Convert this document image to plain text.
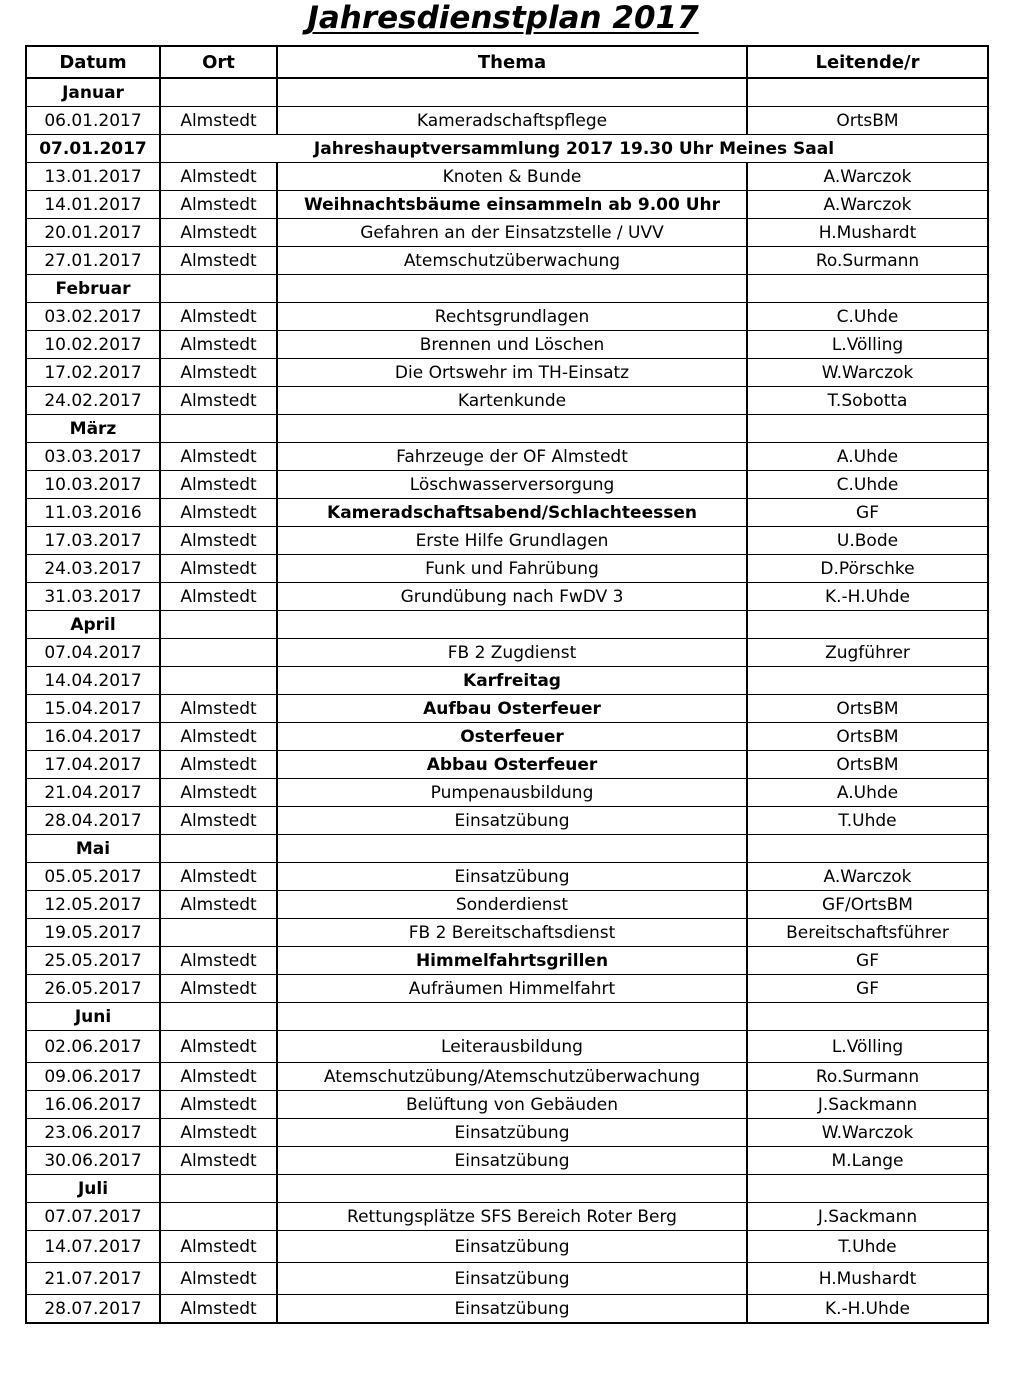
Jahresdienstplan 2017
Datum	Ort	Thema	Leitende/r
Januar			
06.01.2017	Almstedt	Kameradschaftspflege	OrtsBM
07.01.2017	Jahreshauptversammlung 2017 19.30 Uhr Meines Saal		
13.01.2017	Almstedt	Knoten & Bunde	A.Warczok
14.01.2017	Almstedt	Weihnachtsbäume einsammeln ab 9.00 Uhr	A.Warczok
20.01.2017	Almstedt	Gefahren an der Einsatzstelle / UVV	H.Mushardt
27.01.2017	Almstedt	Atemschutzüberwachung	Ro.Surmann
Februar			
03.02.2017	Almstedt	Rechtsgrundlagen	C.Uhde
10.02.2017	Almstedt	Brennen und Löschen	L.Völling
17.02.2017	Almstedt	Die Ortswehr im TH-Einsatz	W.Warczok
24.02.2017	Almstedt	Kartenkunde	T.Sobotta
März			
03.03.2017	Almstedt	Fahrzeuge der OF Almstedt	A.Uhde
10.03.2017	Almstedt	Löschwasserversorgung	C.Uhde
11.03.2016	Almstedt	Kameradschaftsabend/Schlachteessen	GF
17.03.2017	Almstedt	Erste Hilfe Grundlagen	U.Bode
24.03.2017	Almstedt	Funk und Fahrübung	D.Pörschke
31.03.2017	Almstedt	Grundübung nach FwDV 3	K.-H.Uhde
April			
07.04.2017		FB 2 Zugdienst	Zugführer
14.04.2017		Karfreitag	
15.04.2017	Almstedt	Aufbau Osterfeuer	OrtsBM
16.04.2017	Almstedt	Osterfeuer	OrtsBM
17.04.2017	Almstedt	Abbau Osterfeuer	OrtsBM
21.04.2017	Almstedt	Pumpenausbildung	A.Uhde
28.04.2017	Almstedt	Einsatzübung	T.Uhde
Mai			
05.05.2017	Almstedt	Einsatzübung	A.Warczok
12.05.2017	Almstedt	Sonderdienst	GF/OrtsBM
19.05.2017		FB 2 Bereitschaftsdienst	Bereitschaftsführer
25.05.2017	Almstedt	Himmelfahrtsgrillen	GF
26.05.2017	Almstedt	Aufräumen Himmelfahrt	GF
Juni			
02.06.2017	Almstedt	Leiterausbildung	L.Völling
09.06.2017	Almstedt	Atemschutzübung/Atemschutzüberwachung	Ro.Surmann
16.06.2017	Almstedt	Belüftung von Gebäuden	J.Sackmann
23.06.2017	Almstedt	Einsatzübung	W.Warczok
30.06.2017	Almstedt	Einsatzübung	M.Lange
Juli			
07.07.2017		Rettungsplätze SFS Bereich Roter Berg	J.Sackmann
14.07.2017	Almstedt	Einsatzübung	T.Uhde
21.07.2017	Almstedt	Einsatzübung	H.Mushardt
28.07.2017	Almstedt	Einsatzübung	K.-H.Uhde
